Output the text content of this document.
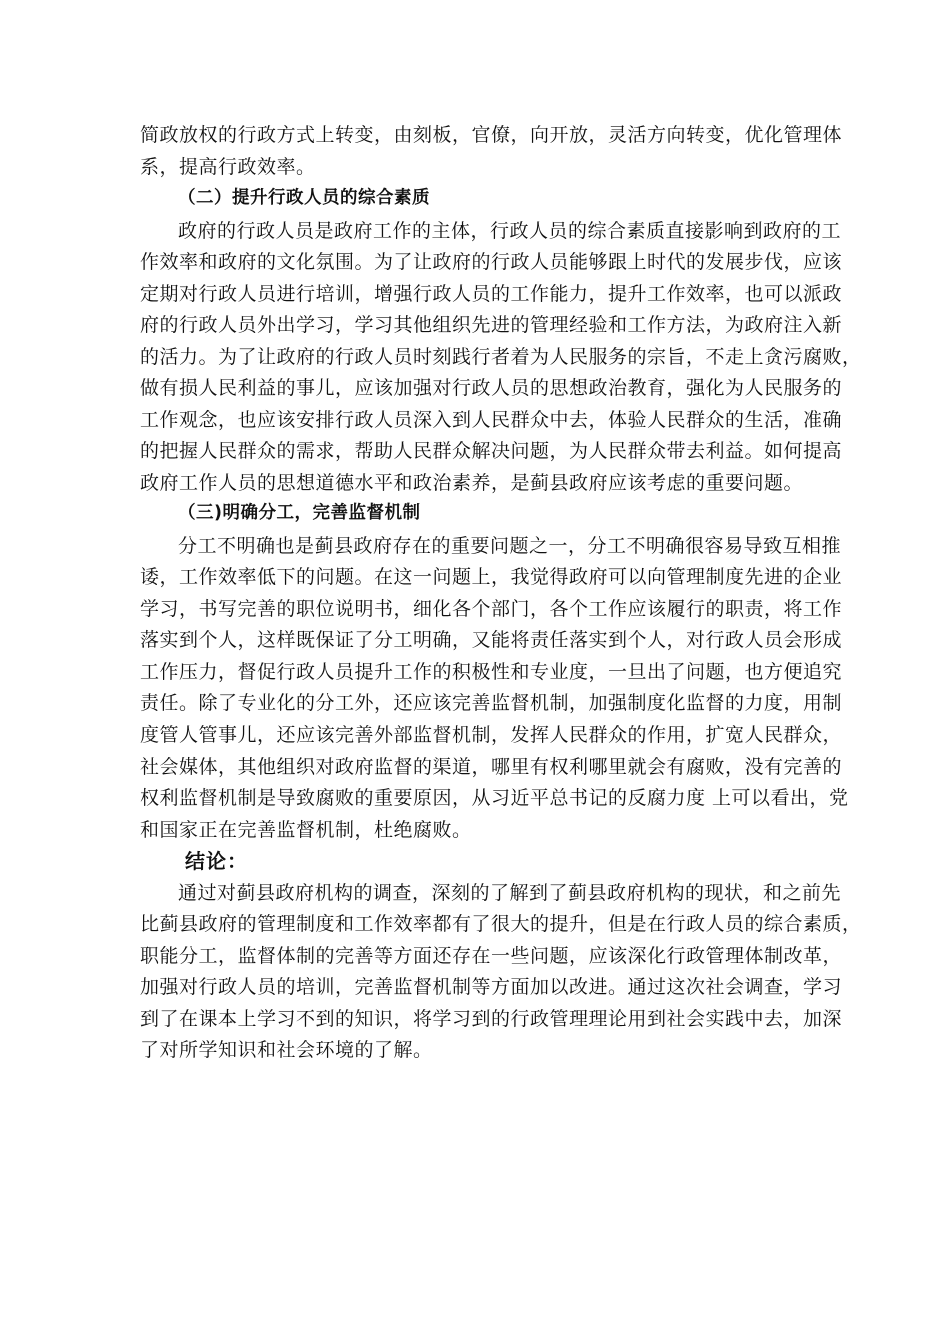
简政放权的行政方式上转变，由刻板，官僚，向开放，灵活方向转变，优化管理体
系，提高行政效率。
（二）提升行政人员的综合素质
政府的行政人员是政府工作的主体，行政人员的综合素质直接影响到政府的工
作效率和政府的文化氛围。为了让政府的行政人员能够跟上时代的发展步伐，应该
定期对行政人员进行培训，增强行政人员的工作能力，提升工作效率，也可以派政
府的行政人员外出学习，学习其他组织先进的管理经验和工作方法，为政府注入新
的活力。为了让政府的行政人员时刻践行者着为人民服务的宗旨，不走上贪污腐败，
做有损人民利益的事儿，应该加强对行政人员的思想政治教育，强化为人民服务的
工作观念，也应该安排行政人员深入到人民群众中去，体验人民群众的生活，准确
的把握人民群众的需求，帮助人民群众解决问题，为人民群众带去利益。如何提高
政府工作人员的思想道德水平和政治素养，是蓟县政府应该考虑的重要问题。
（三)明确分工，完善监督机制
分工不明确也是蓟县政府存在的重要问题之一，分工不明确很容易导致互相推
诿，工作效率低下的问题。在这一问题上，我觉得政府可以向管理制度先进的企业
学习，书写完善的职位说明书，细化各个部门，各个工作应该履行的职责，将工作
落实到个人，这样既保证了分工明确，又能将责任落实到个人，对行政人员会形成
工作压力，督促行政人员提升工作的积极性和专业度，一旦出了问题，也方便追究
责任。除了专业化的分工外，还应该完善监督机制，加强制度化监督的力度，用制
度管人管事儿，还应该完善外部监督机制，发挥人民群众的作用，扩宽人民群众，
社会媒体，其他组织对政府监督的渠道，哪里有权利哪里就会有腐败，没有完善的
权利监督机制是导致腐败的重要原因，从习近平总书记的反腐力度 上可以看出，党
和国家正在完善监督机制，杜绝腐败。
结论：
通过对蓟县政府机构的调查，深刻的了解到了蓟县政府机构的现状，和之前先
比蓟县政府的管理制度和工作效率都有了很大的提升，但是在行政人员的综合素质，
职能分工，监督体制的完善等方面还存在一些问题，应该深化行政管理体制改革，
加强对行政人员的培训，完善监督机制等方面加以改进。通过这次社会调查，学习
到了在课本上学习不到的知识，将学习到的行政管理理论用到社会实践中去，加深
了对所学知识和社会环境的了解。
